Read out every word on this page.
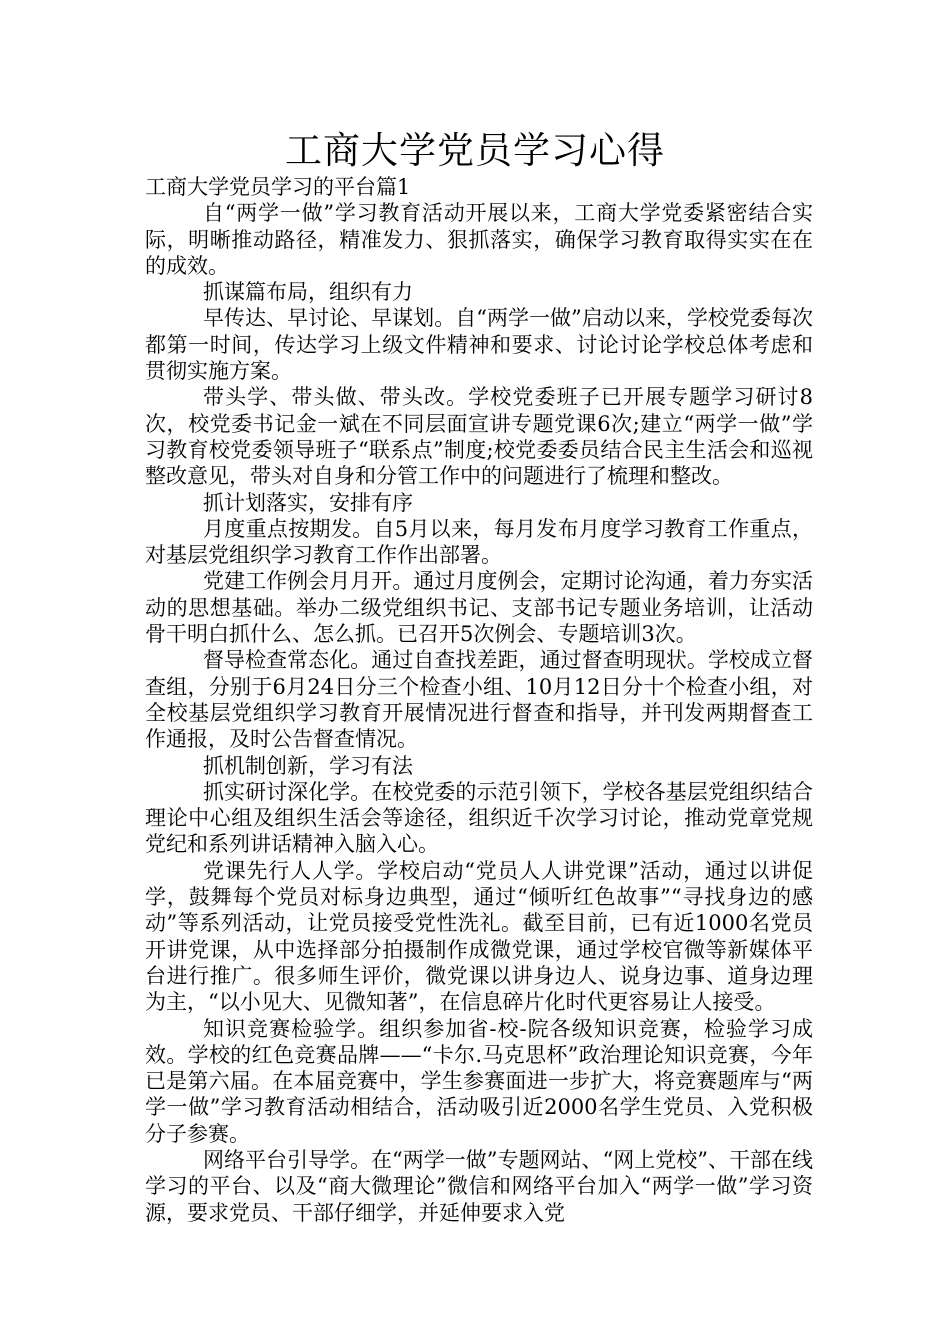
工商大学党员学习心得

工商大学党员学习的平台篇1

自“两学一做”学习教育活动开展以来，工商大学党委紧密结合实际，明晰推动路径，精准发力、狠抓落实，确保学习教育取得实实在在的成效。

抓谋篇布局，组织有力

早传达、早讨论、早谋划。自“两学一做”启动以来，学校党委每次都第一时间，传达学习上级文件精神和要求、讨论讨论学校总体考虑和贯彻实施方案。

带头学、带头做、带头改。学校党委班子已开展专题学习研讨8次，校党委书记金一斌在不同层面宣讲专题党课6次;建立“两学一做”学习教育校党委领导班子“联系点”制度;校党委委员结合民主生活会和巡视整改意见，带头对自身和分管工作中的问题进行了梳理和整改。

抓计划落实，安排有序

月度重点按期发。自5月以来，每月发布月度学习教育工作重点，对基层党组织学习教育工作作出部署。

党建工作例会月月开。通过月度例会，定期讨论沟通，着力夯实活动的思想基础。举办二级党组织书记、支部书记专题业务培训，让活动骨干明白抓什么、怎么抓。已召开5次例会、专题培训3次。

督导检查常态化。通过自查找差距，通过督查明现状。学校成立督查组，分别于6月24日分三个检查小组、10月12日分十个检查小组，对全校基层党组织学习教育开展情况进行督查和指导，并刊发两期督查工作通报，及时公告督查情况。

抓机制创新，学习有法

抓实研讨深化学。在校党委的示范引领下，学校各基层党组织结合理论中心组及组织生活会等途径，组织近千次学习讨论，推动党章党规党纪和系列讲话精神入脑入心。

党课先行人人学。学校启动“党员人人讲党课”活动，通过以讲促学，鼓舞每个党员对标身边典型，通过“倾听红色故事”“寻找身边的感动”等系列活动，让党员接受党性洗礼。截至目前，已有近1000名党员开讲党课，从中选择部分拍摄制作成微党课，通过学校官微等新媒体平台进行推广。很多师生评价，微党课以讲身边人、说身边事、道身边理为主，“以小见大、见微知著”，在信息碎片化时代更容易让人接受。

知识竞赛检验学。组织参加省-校-院各级知识竞赛，检验学习成效。学校的红色竞赛品牌——“卡尔.马克思杯”政治理论知识竞赛，今年已是第六届。在本届竞赛中，学生参赛面进一步扩大，将竞赛题库与“两学一做”学习教育活动相结合，活动吸引近2000名学生党员、入党积极分子参赛。

网络平台引导学。在“两学一做”专题网站、“网上党校”、干部在线学习的平台、以及“商大微理论”微信和网络平台加入“两学一做”学习资源，要求党员、干部仔细学，并延伸要求入党
